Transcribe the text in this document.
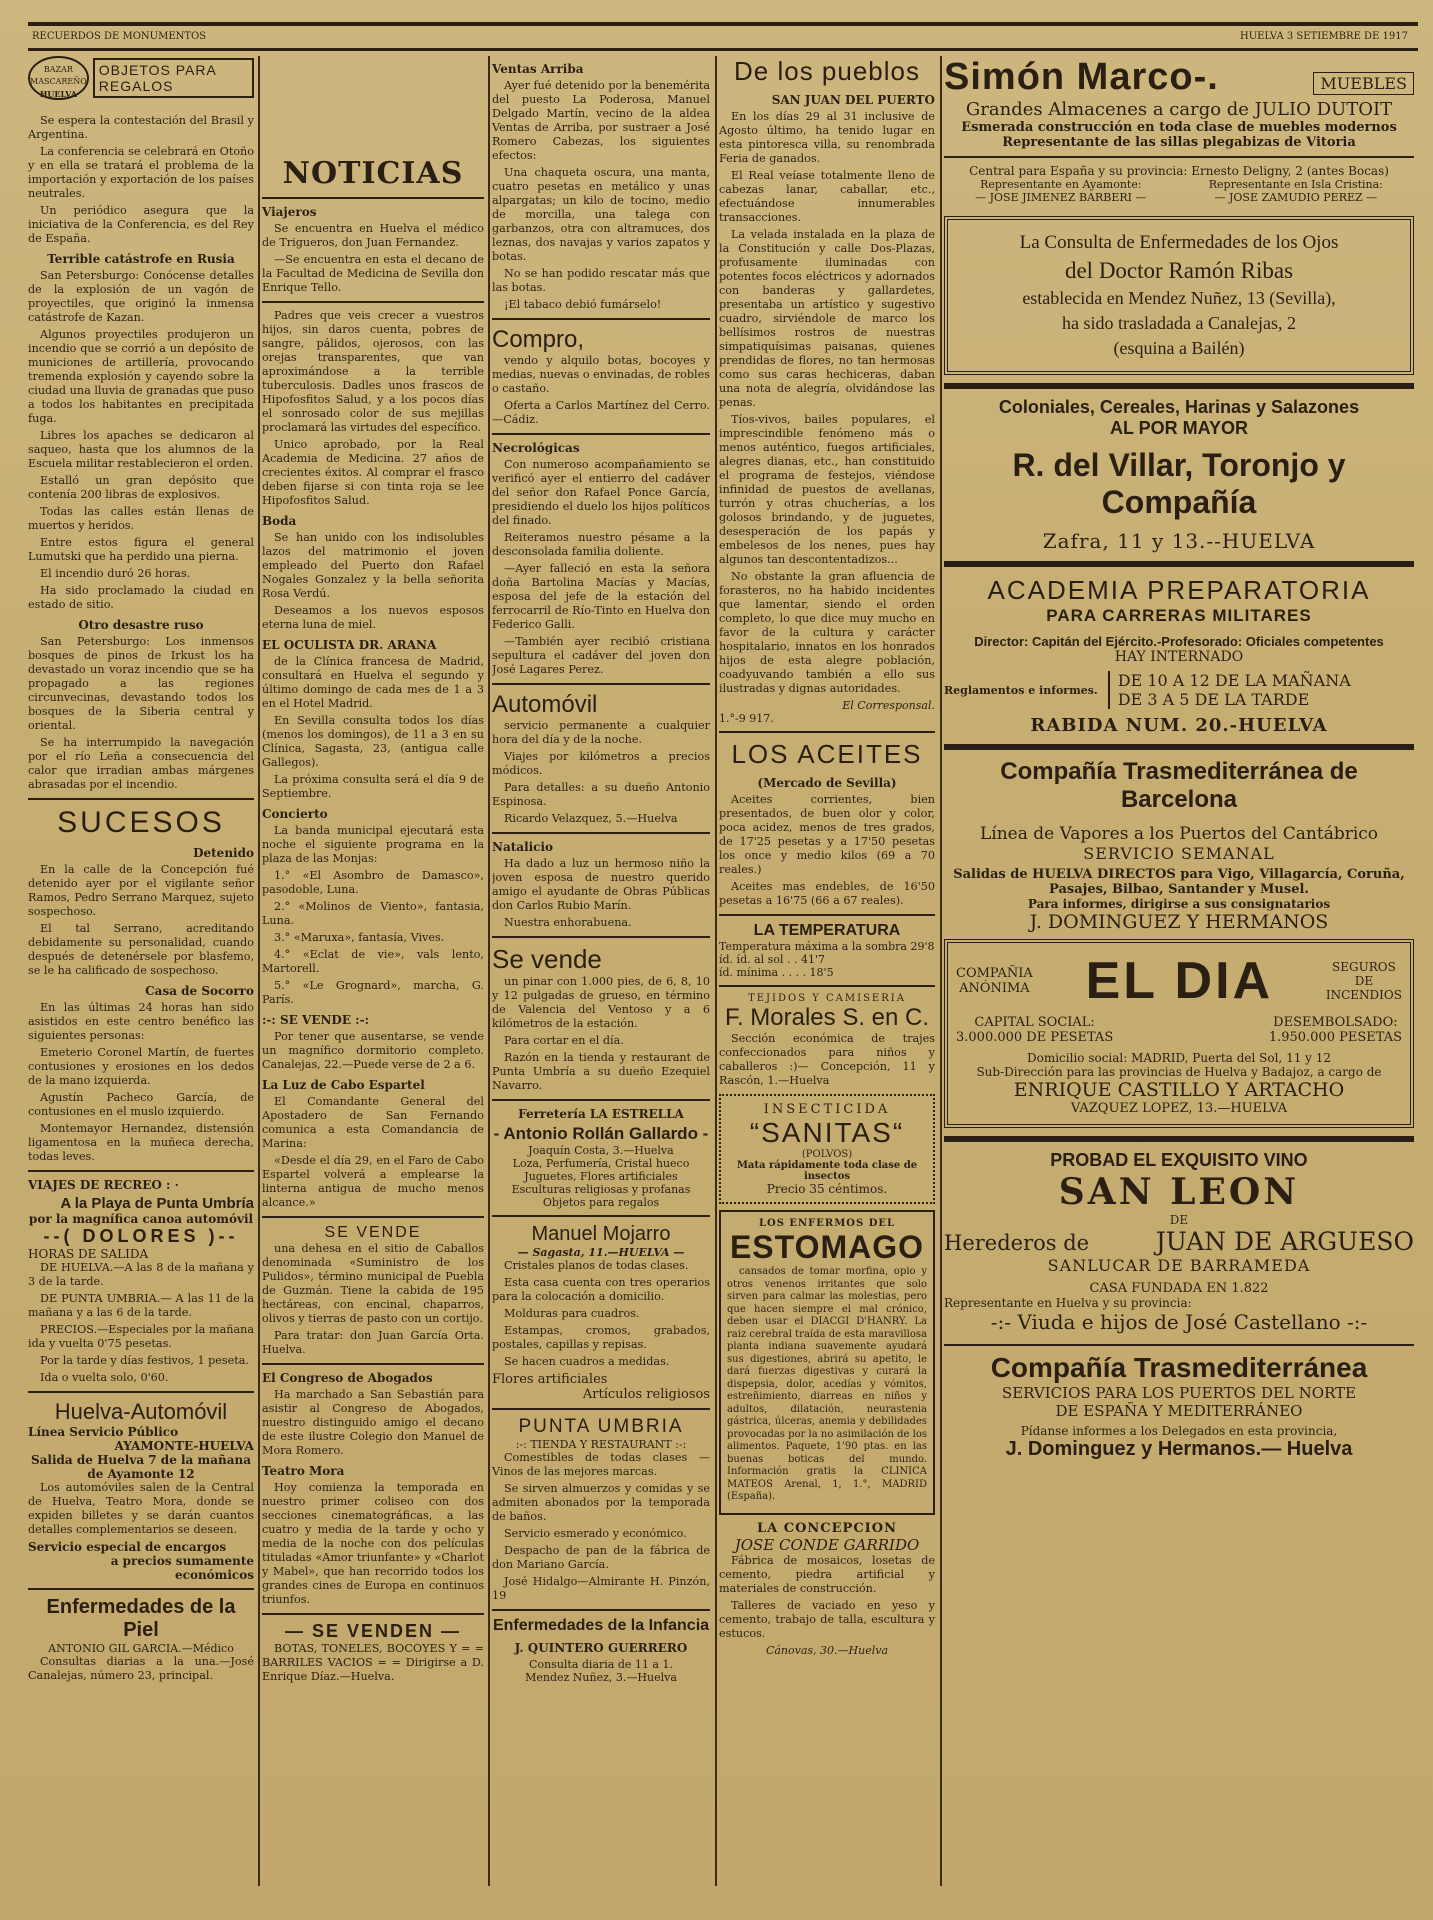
RECUERDOS DE MONUMENTOS	HUELVA 3 SETIEMBRE DE 1917
BAZAR MASCAREÑO
HUELVA
OBJETOS PARA REGALOS

Se espera la contestación del Brasil y Argentina.

La conferencia se celebrará en Otoño y en ella se tratará el problema de la importación y exportación de los países neutrales.

Un periódico asegura que la iniciativa de la Conferencia, es del Rey de España.

Terrible catástrofe en Rusia

San Petersburgo: Conócense detalles de la explosión de un vagón de proyectiles, que originó la inmensa catástrofe de Kazan.

Algunos proyectiles produjeron un incendio que se corrió a un depósito de municiones de artillería, provocando tremenda explosión y cayendo sobre la ciudad una lluvia de granadas que puso a todos los habitantes en precipitada fuga.

Libres los apaches se dedicaron al saqueo, hasta que los alumnos de la Escuela militar restablecieron el orden.

Estalló un gran depósito que contenía 200 libras de explosivos.

Todas las calles están llenas de muertos y heridos.

Entre estos figura el general Lumutski que ha perdido una pierna.

El incendio duró 26 horas.

Ha sido proclamado la ciudad en estado de sitio.

Otro desastre ruso

San Petersburgo: Los inmensos bosques de pinos de Irkust los ha devastado un voraz incendio que se ha propagado a las regiones circunvecinas, devastando todos los bosques de la Siberia central y oriental.

Se ha interrumpido la navegación por el río Leña a consecuencia del calor que irradian ambas márgenes abrasadas por el incendio.

SUCESOS
Detenido

En la calle de la Concepción fué detenido ayer por el vigilante señor Ramos, Pedro Serrano Marquez, sujeto sospechoso.

El tal Serrano, acreditando debidamente su personalidad, cuando después de detenérsele por blasfemo, se le ha calificado de sospechoso.

Casa de Socorro

En las últimas 24 horas han sido asistidos en este centro benéfico las siguientes personas:

Emeterio Coronel Martín, de fuertes contusiones y erosiones en los dedos de la mano izquierda.

Agustín Pacheco García, de contusiones en el muslo izquierdo.

Montemayor Hernandez, distensión ligamentosa en la muñeca derecha, todas leves.

VIAJES DE RECREO : ·
A la Playa de Punta Umbría
por la magnífica canoa automóvil
--( DOLORES )--
HORAS DE SALIDA

DE HUELVA.—A las 8 de la mañana y 3 de la tarde.

DE PUNTA UMBRIA.— A las 11 de la mañana y a las 6 de la tarde.

PRECIOS.—Especiales por la mañana ida y vuelta 0'75 pesetas.

Por la tarde y días festivos, 1 peseta.

Ida o vuelta solo, 0'60.

Huelva-Automóvil
Línea Servicio Público
AYAMONTE-HUELVA
Salida de Huelva 7 de la mañana
de Ayamonte 12

Los automóviles salen de la Central de Huelva, Teatro Mora, donde se expiden billetes y se darán cuantos detalles complementarios se deseen.

Servicio especial de encargos
a precios sumamente económicos
Enfermedades de la Piel
ANTONIO GIL GARCIA.—Médico

Consultas diarias a la una.—José Canalejas, número 23, principal.

NOTICIAS
Viajeros

Se encuentra en Huelva el médico de Trigueros, don Juan Fernandez.

—Se encuentra en esta el decano de la Facultad de Medicina de Sevilla don Enrique Tello.

Padres que veis crecer a vuestros hijos, sin daros cuenta, pobres de sangre, pálidos, ojerosos, con las orejas transparentes, que van aproximándose a la terrible tuberculosis. Dadles unos frascos de Hipofosfitos Salud, y a los pocos días el sonrosado color de sus mejillas proclamará las virtudes del específico.

Unico aprobado, por la Real Academia de Medicina. 27 años de crecientes éxitos. Al comprar el frasco deben fijarse si con tinta roja se lee Hipofosfitos Salud.

Boda

Se han unido con los indisolubles lazos del matrimonio el joven empleado del Puerto don Rafael Nogales Gonzalez y la bella señorita Rosa Verdú.

Deseamos a los nuevos esposos eterna luna de miel.

EL OCULISTA DR. ARANA

de la Clínica francesa de Madrid, consultará en Huelva el segundo y último domingo de cada mes de 1 a 3 en el Hotel Madrid.

En Sevilla consulta todos los días (menos los domingos), de 11 a 3 en su Clínica, Sagasta, 23, (antigua calle Gallegos).

La próxima consulta será el día 9 de Septiembre.

Concierto

La banda municipal ejecutará esta noche el siguiente programa en la plaza de las Monjas:

1.° «El Asombro de Damasco», pasodoble, Luna.

2.° «Molinos de Viento», fantasia, Luna.

3.° «Maruxa», fantasía, Vives.

4.° «Eclat de vie», vals lento, Martorell.

5.° «Le Grognard», marcha, G. París.

:-: SE VENDE :-:

Por tener que ausentarse, se vende un magnífico dormitorio completo. Canalejas, 22.—Puede verse de 2 a 6.

La Luz de Cabo Espartel

El Comandante General del Apostadero de San Fernando comunica a esta Comandancia de Marina:

«Desde el día 29, en el Faro de Cabo Espartel volverá a emplearse la linterna antigua de mucho menos alcance.»

SE VENDE

una dehesa en el sitio de Caballos denominada «Suministro de los Pulidos», término municipal de Puebla de Guzmán. Tiene la cabida de 195 hectáreas, con encinal, chaparros, olivos y tierras de pasto con un cortijo.

Para tratar: don Juan García Orta. Huelva.

El Congreso de Abogados

Ha marchado a San Sebastián para asistir al Congreso de Abogados, nuestro distinguido amigo el decano de este ilustre Colegio don Manuel de Mora Romero.

Teatro Mora

Hoy comienza la temporada en nuestro primer coliseo con dos secciones cinematográficas, a las cuatro y media de la tarde y ocho y media de la noche con dos películas tituladas «Amor triunfante» y «Charlot y Mabel», que han recorrido todos los grandes cines de Europa en continuos triunfos.

— SE VENDEN —

BOTAS, TONELES, BOCOYES Y = = BARRILES VACIOS = = Dirigirse a D. Enrique Díaz.—Huelva.

Ventas Arriba

Ayer fué detenido por la benemérita del puesto La Poderosa, Manuel Delgado Martín, vecino de la aldea Ventas de Arriba, por sustraer a José Romero Cabezas, los siguientes efectos:

Una chaqueta oscura, una manta, cuatro pesetas en metálico y unas alpargatas; un kilo de tocino, medio de morcilla, una talega con garbanzos, otra con altramuces, dos leznas, dos navajas y varios zapatos y botas.

No se han podido rescatar más que las botas.

¡El tabaco debió fumárselo!

Compro,

vendo y alquilo botas, bocoyes y medias, nuevas o envinadas, de robles o castaño.

Oferta a Carlos Martínez del Cerro.—Cádiz.

Necrológicas

Con numeroso acompañamiento se verificó ayer el entierro del cadáver del señor don Rafael Ponce García, presidiendo el duelo los hijos políticos del finado.

Reiteramos nuestro pésame a la desconsolada familia doliente.

—Ayer falleció en esta la señora doña Bartolina Macías y Macías, esposa del jefe de la estación del ferrocarril de Río-Tinto en Huelva don Federico Galli.

—También ayer recibió cristiana sepultura el cadáver del joven don José Lagares Perez.

Automóvil

servicio permanente a cualquier hora del día y de la noche.

Viajes por kilómetros a precios módicos.

Para detalles: a su dueño Antonio Espinosa.

Ricardo Velazquez, 5.—Huelva

Natalicio

Ha dado a luz un hermoso niño la joven esposa de nuestro querido amigo el ayudante de Obras Públicas don Carlos Rubio Marín.

Nuestra enhorabuena.

Se vende

un pinar con 1.000 pies, de 6, 8, 10 y 12 pulgadas de grueso, en término de Valencia del Ventoso y a 6 kilómetros de la estación.

Para cortar en el día.

Razón en la tienda y restaurant de Punta Umbría a su dueño Ezequiel Navarro.

Ferretería LA ESTRELLA
- Antonio Rollán Gallardo -
Joaquín Costa, 3.—Huelva
Loza, Perfumería, Cristal hueco
Juguetes, Flores artificiales
Esculturas religiosas y profanas
Objetos para regalos
Manuel Mojarro
— Sagasta, 11.—HUELVA —

Cristales planos de todas clases.

Esta casa cuenta con tres operarios para la colocación a domicilio.

Molduras para cuadros.

Estampas, cromos, grabados, postales, capillas y repisas.

Se hacen cuadros a medidas.

Flores artificiales
Artículos religiosos
PUNTA UMBRIA
:-: TIENDA Y RESTAURANT :-:

Comestibles de todas clases — Vinos de las mejores marcas.

Se sirven almuerzos y comidas y se admiten abonados por la temporada de baños.

Servicio esmerado y económico.

Despacho de pan de la fábrica de don Mariano García.

José Hidalgo—Almirante H. Pinzón, 19

Enfermedades de la Infancia
J. QUINTERO GUERRERO
Consulta diaria de 11 a 1.
Mendez Nuñez, 3.—Huelva
De los pueblos
SAN JUAN DEL PUERTO

En los días 29 al 31 inclusive de Agosto último, ha tenido lugar en esta pintoresca villa, su renombrada Feria de ganados.

El Real veíase totalmente lleno de cabezas lanar, caballar, etc., efectuándose innumerables transacciones.

La velada instalada en la plaza de la Constitución y calle Dos-Plazas, profusamente iluminadas con potentes focos eléctricos y adornados con banderas y gallardetes, presentaba un artístico y sugestivo cuadro, sirviéndole de marco los bellísimos rostros de nuestras simpatiquísimas paisanas, quienes prendidas de flores, no tan hermosas como sus caras hechiceras, daban una nota de alegría, olvidándose las penas.

Tíos-vivos, bailes populares, el imprescindible fenómeno más o menos auténtico, fuegos artificiales, alegres dianas, etc., han constituido el programa de festejos, viéndose infinidad de puestos de avellanas, turrón y otras chucherías, a los golosos brindando, y de juguetes, desesperación de los papás y embelesos de los nenes, pues hay algunos tan descontentadizos...

No obstante la gran afluencia de forasteros, no ha habido incidentes que lamentar, siendo el orden completo, lo que dice muy mucho en favor de la cultura y carácter hospitalario, innatos en los honrados hijos de esta alegre población, coadyuvando también a ello sus ilustradas y dignas autoridades.

El Corresponsal.
1.°-9 917.
LOS ACEITES
(Mercado de Sevilla)

Aceites corrientes, bien presentados, de buen olor y color, poca acidez, menos de tres grados, de 17'25 pesetas y a 17'50 pesetas los once y medio kilos (69 a 70 reales.)

Aceites mas endebles, de 16'50 pesetas a 16'75 (66 a 67 reales).

LA TEMPERATURA
Temperatura máxima a la sombra 29'8
íd. íd. al sol . . 41'7
íd. mínima . . . . 18'5
TEJIDOS Y CAMISERIA
F. Morales S. en C.

Sección económica de trajes confeccionados para niños y caballeros :)— Concepción, 11 y Rascón, 1.—Huelva

INSECTICIDA
“SANITAS“
(POLVOS)
Mata rápidamente toda clase de insectos
Precio 35 céntimos.
LOS ENFERMOS DEL
ESTOMAGO

cansados de tomar morfina, opio y otros venenos irritantes que solo sirven para calmar las molestias, pero que hacen siempre el mal crónico, deben usar el DIACGI D'HANRY. La raiz cerebral traída de esta maravillosa planta indiana suavemente ayudará sus digestiones, abrirá su apetito, le dará fuerzas digestivas y curará la dispepsia, dolor, acedías y vómitos, estreñimiento, diarreas en niños y adultos, dilatación, neurastenia gástrica, úlceras, anemia y debilidades provocadas por la no asimilación de los alimentos. Paquete, 1'90 ptas. en las buenas boticas del mundo. Información gratis la CLINICA MATEOS Arenal, 1, 1.°, MADRID (España).

LA CONCEPCION
JOSE CONDE GARRIDO

Fábrica de mosaicos, losetas de cemento, piedra artificial y materiales de construcción.

Talleres de vaciado en yeso y cemento, trabajo de talla, escultura y estucos.

Cánovas, 30.—Huelva
Simón Marco-.	MUEBLES
Grandes Almacenes a cargo de JULIO DUTOIT
Esmerada construcción en toda clase de muebles modernos
Representante de las sillas plegabizas de Vitoria
Central para España y su provincia: Ernesto Deligny, 2 (antes Bocas)
Representante en Ayamonte:
— JOSE JIMENEZ BARBERI —
Representante en Isla Cristina:
— JOSE ZAMUDIO PEREZ —
La Consulta de Enfermedades de los Ojos
del Doctor Ramón Ribas
establecida en Mendez Nuñez, 13 (Sevilla),
ha sido trasladada a Canalejas, 2
(esquina a Bailén)
Coloniales, Cereales, Harinas y Salazones
AL POR MAYOR
R. del Villar, Toronjo y Compañía
Zafra, 11 y 13.--HUELVA
ACADEMIA PREPARATORIA
PARA CARRERAS MILITARES
Director: Capitán del Ejército.-Profesorado: Oficiales competentes
HAY INTERNADO
Reglamentos e informes. DE 10 A 12 DE LA MAÑANA
DE 3 A 5 DE LA TARDE
RABIDA NUM. 20.-HUELVA
Compañía Trasmediterránea de Barcelona
Línea de Vapores a los Puertos del Cantábrico
SERVICIO SEMANAL
Salidas de HUELVA DIRECTOS para Vigo, Villagarcía, Coruña, Pasajes, Bilbao, Santander y Musel.
Para informes, dirigirse a sus consignatarios
J. DOMINGUEZ Y HERMANOS
COMPAÑIA
ANÓNIMA EL DIA	SEGUROS
DE
INCENDIOS
CAPITAL SOCIAL:
3.000.000 DE PESETAS
DESEMBOLSADO:
1.950.000 PESETAS
Domicilio social: MADRID, Puerta del Sol, 11 y 12
Sub-Dirección para las provincias de Huelva y Badajoz, a cargo de
ENRIQUE CASTILLO Y ARTACHO
VAZQUEZ LOPEZ, 13.—HUELVA
PROBAD EL EXQUISITO VINO
SAN LEON
DE
Herederos de	JUAN DE ARGUESO
SANLUCAR DE BARRAMEDA
CASA FUNDADA EN 1.822
Representante en Huelva y su provincia:
-:- Viuda e hijos de José Castellano -:-
Compañía Trasmediterránea
SERVICIOS PARA LOS PUERTOS DEL NORTE
DE ESPAÑA Y MEDITERRÁNEO
Pídanse informes a los Delegados en esta provincia,
J. Dominguez y Hermanos.— Huelva
